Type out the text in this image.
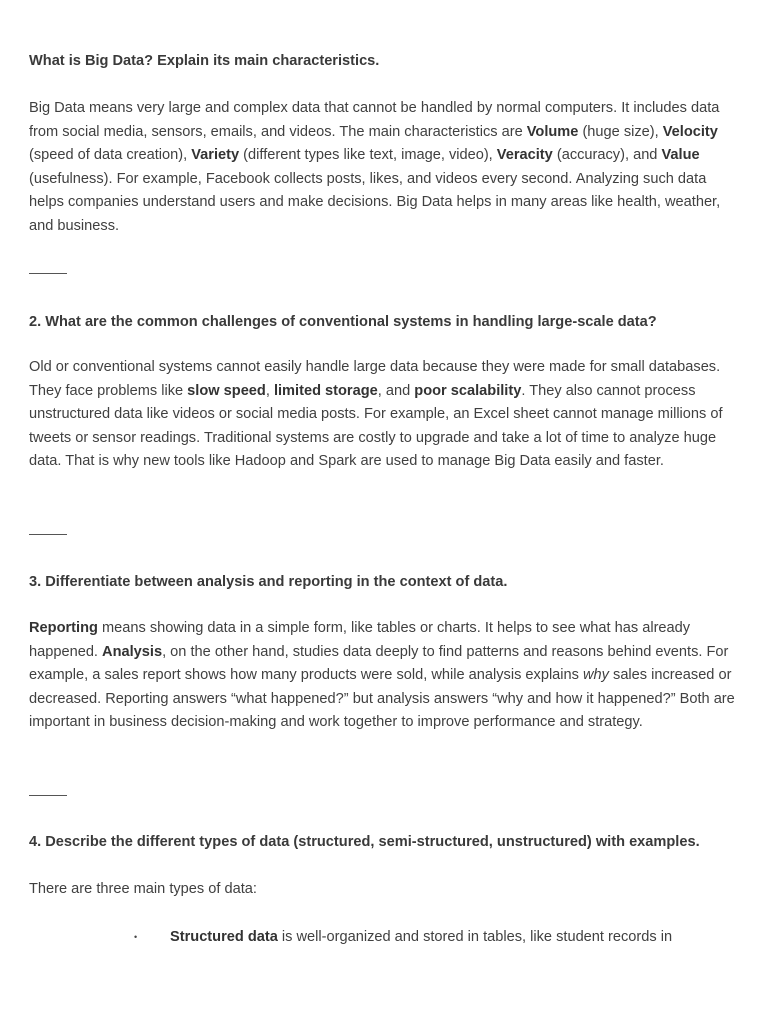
What is Big Data? Explain its main characteristics.

Big Data means very large and complex data that cannot be handled by normal computers. It includes data from social media, sensors, emails, and videos. The main characteristics are Volume (huge size), Velocity (speed of data creation), Variety (different types like text, image, video), Veracity (accuracy), and Value (usefulness). For example, Facebook collects posts, likes, and videos every second. Analyzing such data helps companies understand users and make decisions. Big Data helps in many areas like health, weather, and business.

2. What are the common challenges of conventional systems in handling large-scale data?

Old or conventional systems cannot easily handle large data because they were made for small databases. They face problems like slow speed, limited storage, and poor scalability. They also cannot process unstructured data like videos or social media posts. For example, an Excel sheet cannot manage millions of tweets or sensor readings. Traditional systems are costly to upgrade and take a lot of time to analyze huge data. That is why new tools like Hadoop and Spark are used to manage Big Data easily and faster.

3. Differentiate between analysis and reporting in the context of data.

Reporting means showing data in a simple form, like tables or charts. It helps to see what has already happened. Analysis, on the other hand, studies data deeply to find patterns and reasons behind events. For example, a sales report shows how many products were sold, while analysis explains why sales increased or decreased. Reporting answers “what happened?” but analysis answers “why and how it happened?” Both are important in business decision-making and work together to improve performance and strategy.

4. Describe the different types of data (structured, semi-structured, unstructured) with examples.

There are three main types of data:

• Structured data is well-organized and stored in tables, like student records in
